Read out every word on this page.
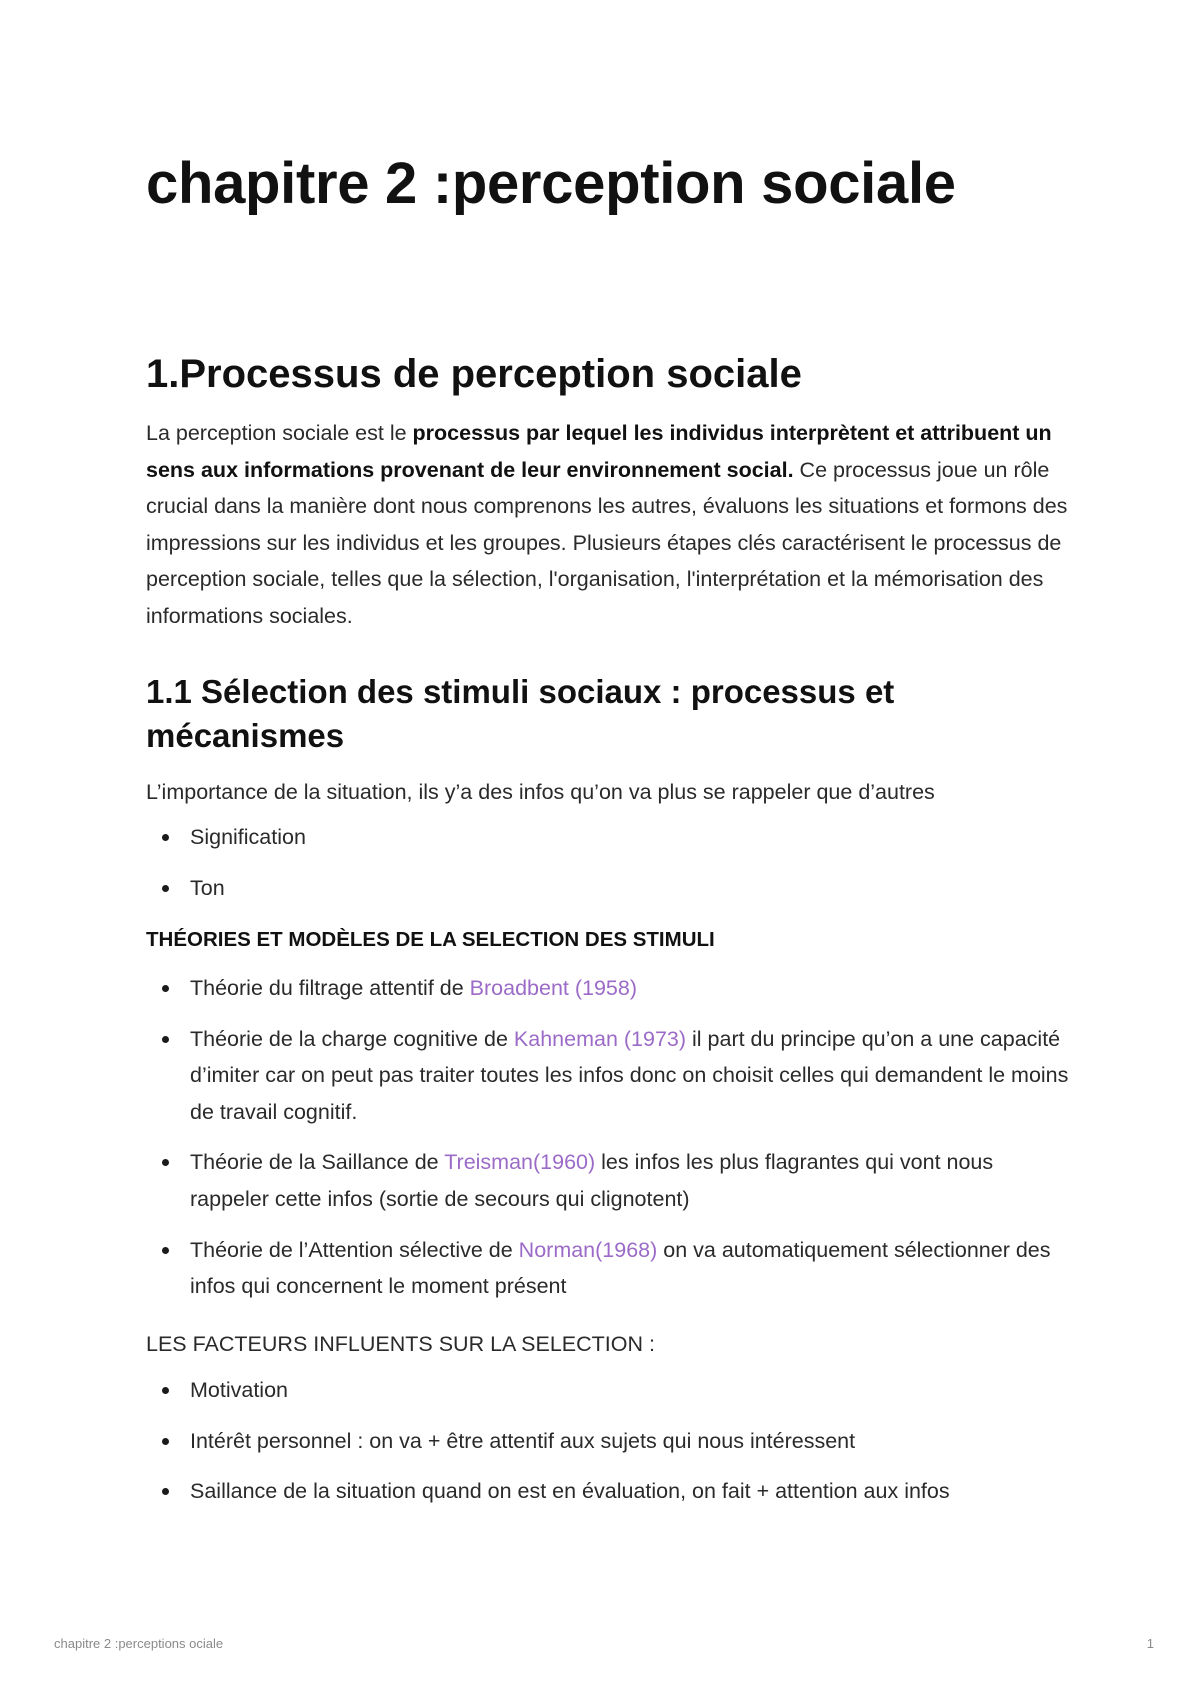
chapitre 2 :perception sociale
1.Processus de perception sociale

La perception sociale est le processus par lequel les individus interprètent et attribuent un sens aux informations provenant de leur environnement social. Ce processus joue un rôle crucial dans la manière dont nous comprenons les autres, évaluons les situations et formons des impressions sur les individus et les groupes. Plusieurs étapes clés caractérisent le processus de perception sociale, telles que la sélection, l'organisation, l'interprétation et la mémorisation des informations sociales.

1.1 Sélection des stimuli sociaux : processus et mécanismes

L’importance de la situation, ils y’a des infos qu’on va plus se rappeler que d’autres

Signification
Ton

THÉORIES ET MODÈLES DE LA SELECTION DES STIMULI

Théorie du filtrage attentif de Broadbent (1958)
Théorie de la charge cognitive de Kahneman (1973) il part du principe qu’on a une capacité d’imiter car on peut pas traiter toutes les infos donc on choisit celles qui demandent le moins de travail cognitif.
Théorie de la Saillance de Treisman(1960) les infos les plus flagrantes qui vont nous rappeler cette infos (sortie de secours qui clignotent)
Théorie de l’Attention sélective de Norman(1968) on va automatiquement sélectionner des infos qui concernent le moment présent

LES FACTEURS INFLUENTS SUR LA SELECTION :

Motivation
Intérêt personnel : on va + être attentif aux sujets qui nous intéressent
Saillance de la situation quand on est en évaluation, on fait + attention aux infos
chapitre 2 :perceptions ociale	1
